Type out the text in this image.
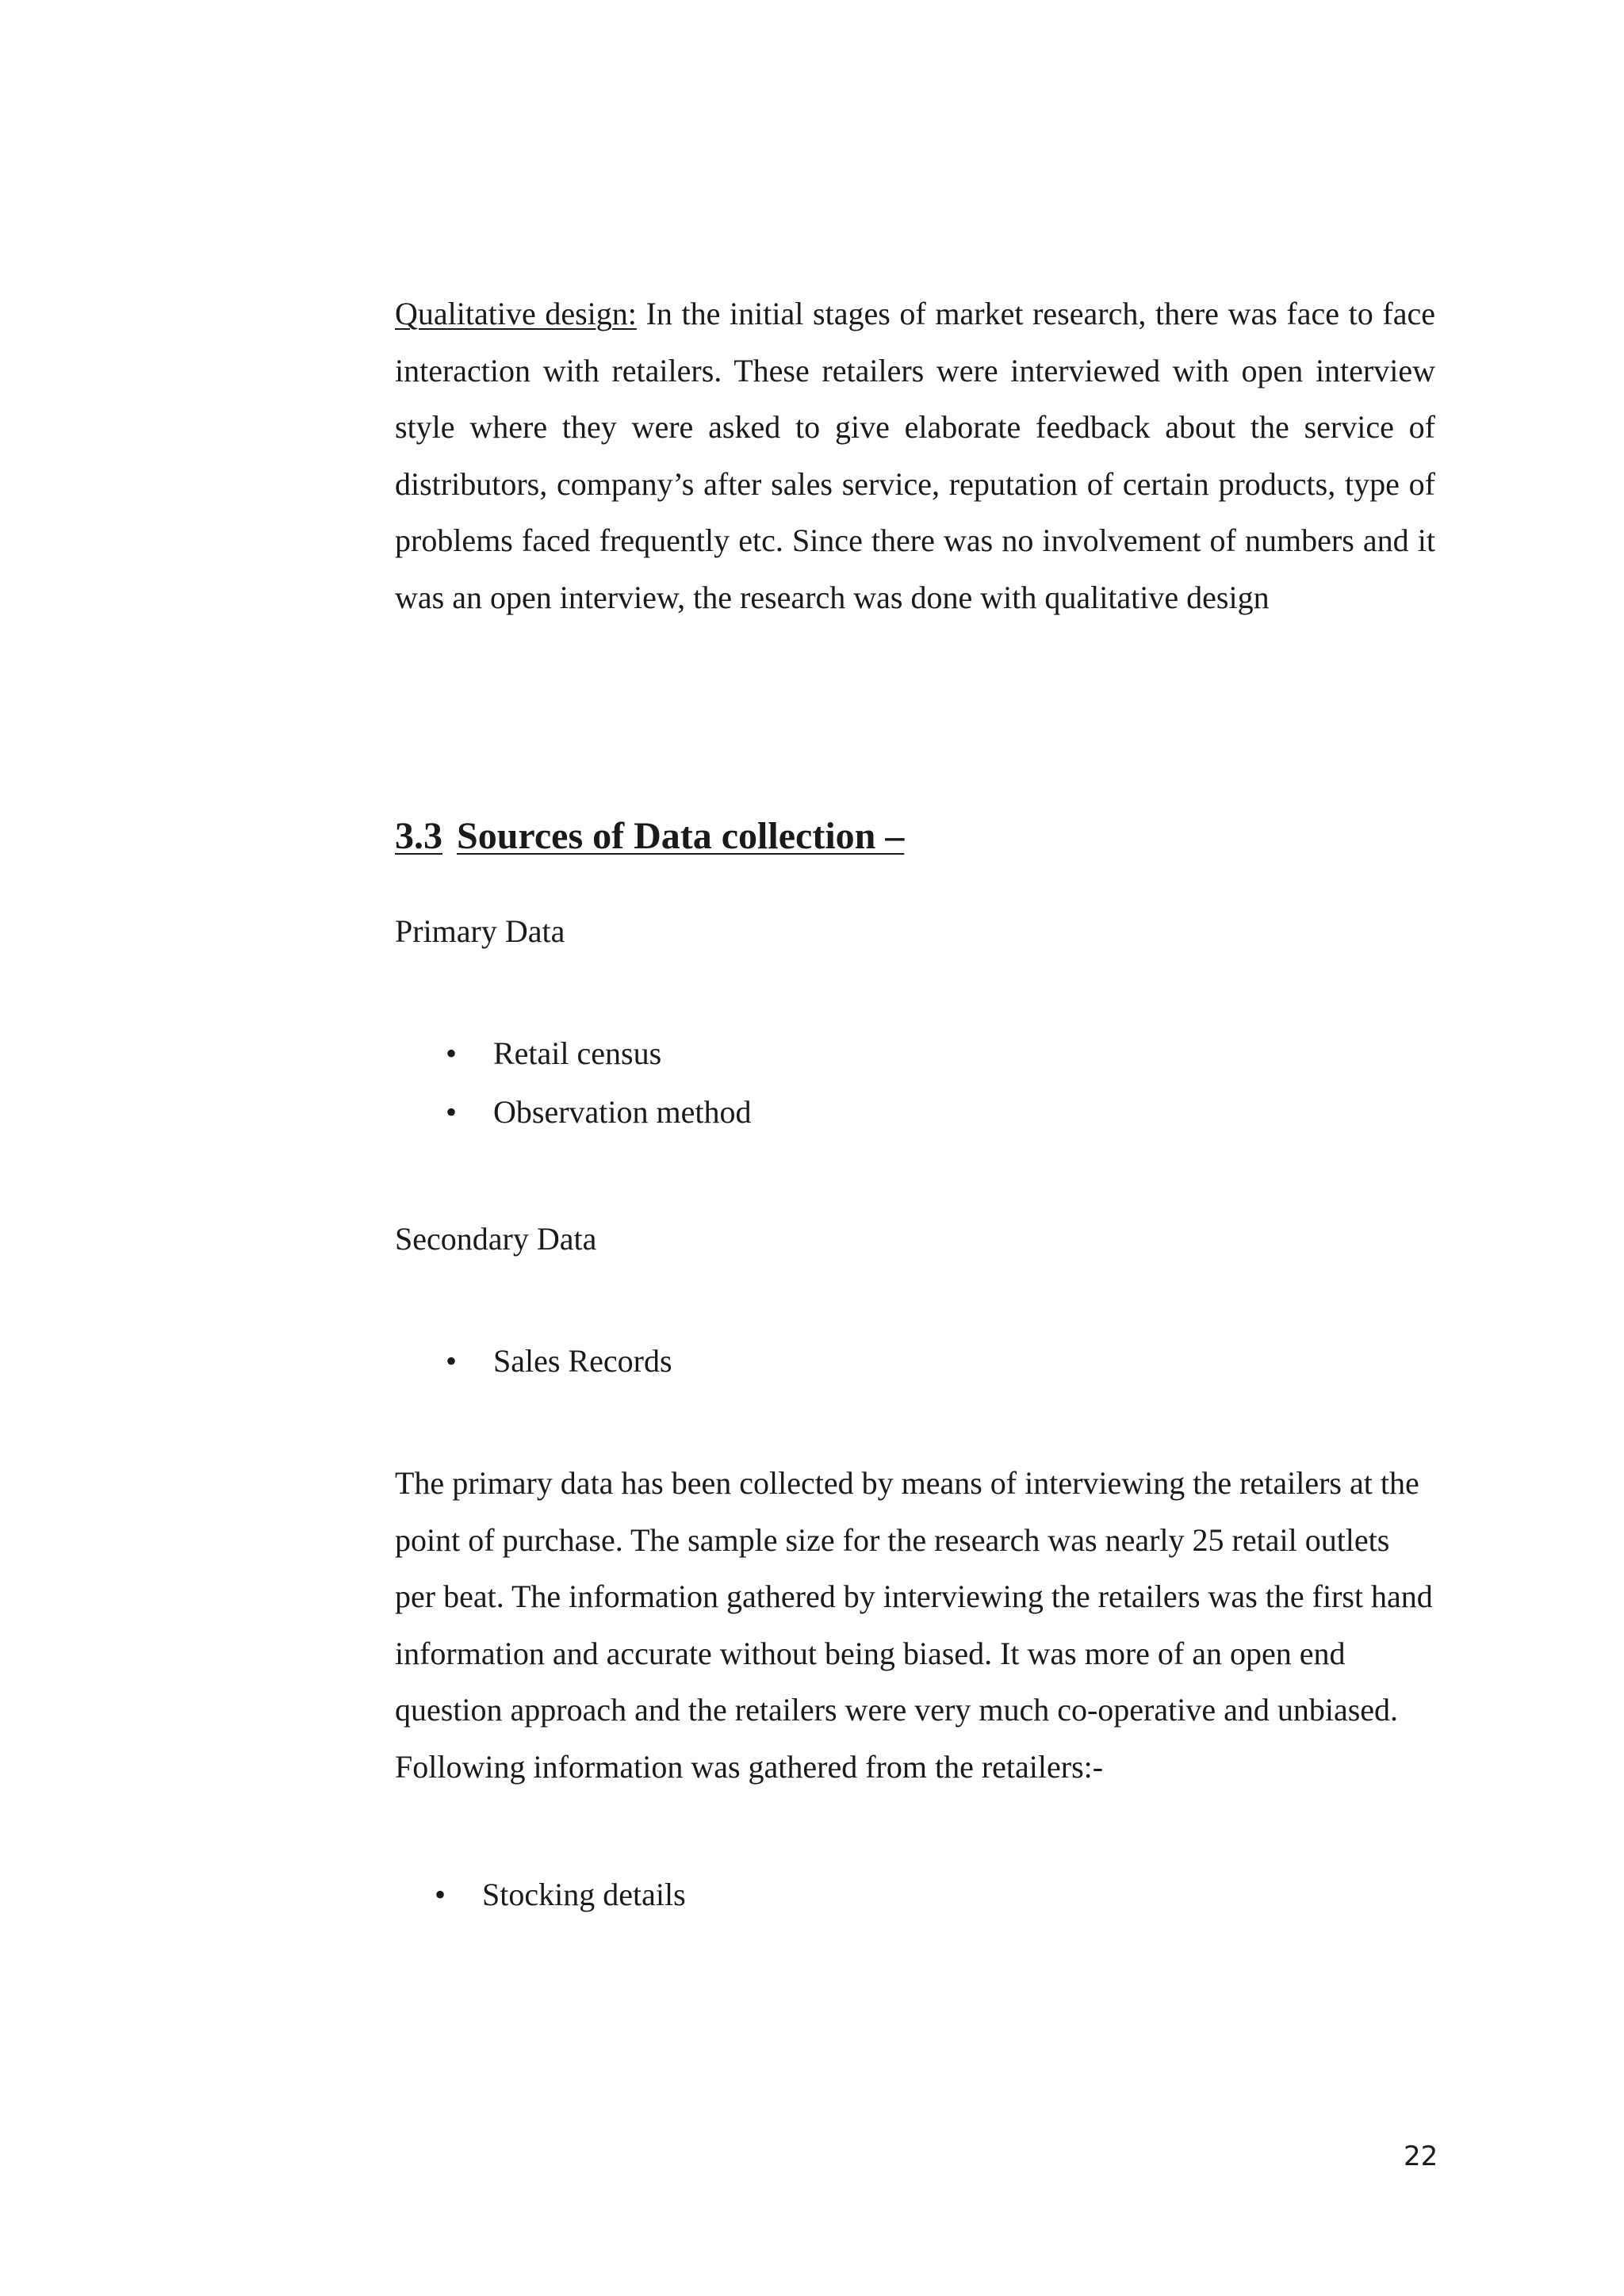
Qualitative design: In the initial stages of market research, there was face to face interaction with retailers. These retailers were interviewed with open interview style where they were asked to give elaborate feedback about the service of distributors, company’s after sales service, reputation of certain products, type of problems faced frequently etc. Since there was no involvement of numbers and it was an open interview, the research was done with qualitative design

3.3 Sources of Data collection –

Primary Data

• Retail census
• Observation method

Secondary Data

• Sales Records

The primary data has been collected by means of interviewing the retailers at the point of purchase. The sample size for the research was nearly 25 retail outlets per beat. The information gathered by interviewing the retailers was the first hand information and accurate without being biased. It was more of an open end question approach and the retailers were very much co-operative and unbiased. Following information was gathered from the retailers:-

• Stocking details
22
